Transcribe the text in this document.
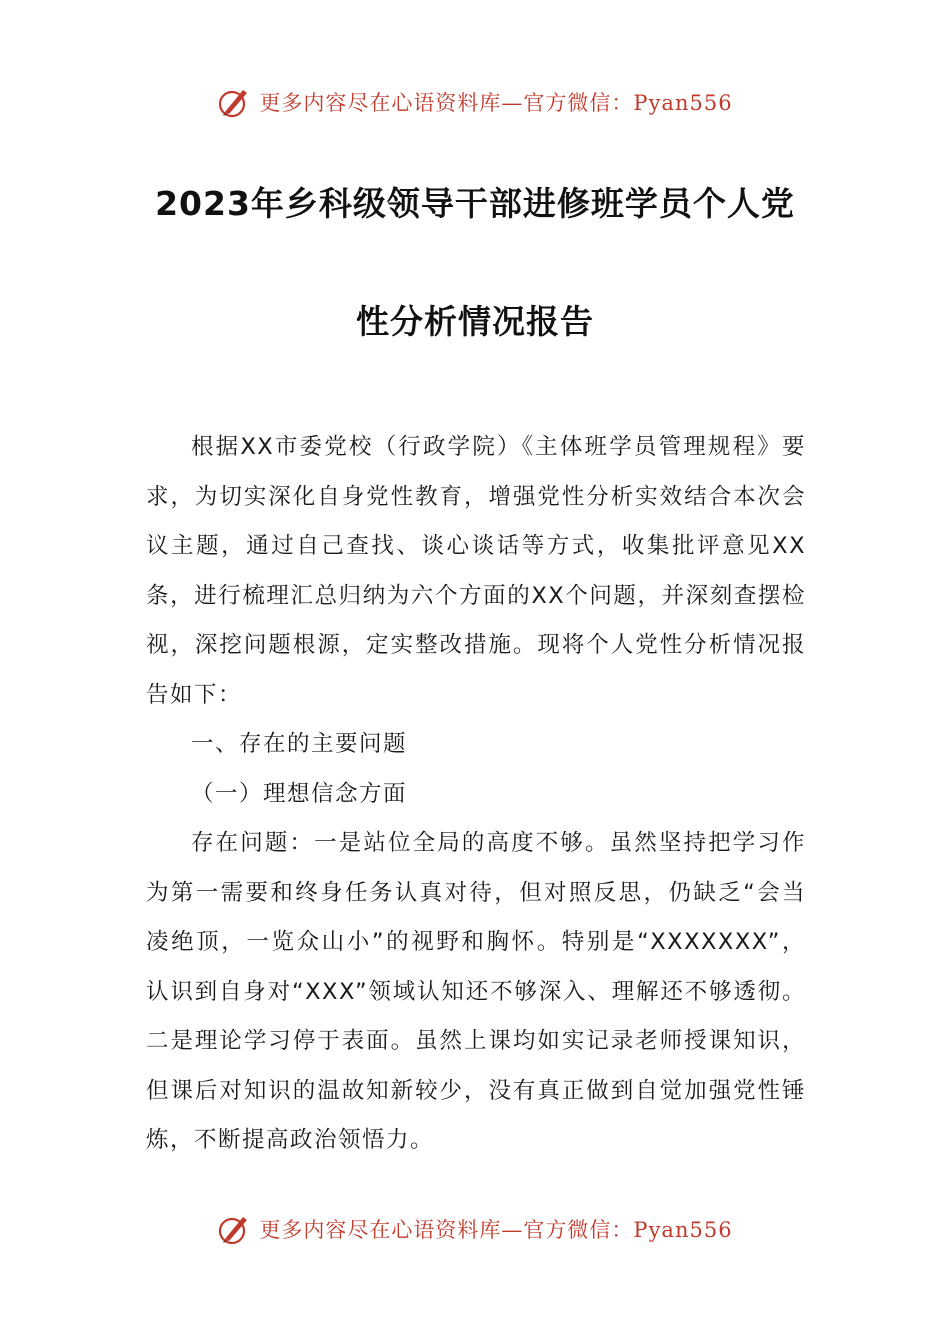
更多内容尽在心语资料库—官方微信：Pyan556
2023年乡科级领导干部进修班学员个人党
性分析情况报告

根据XX市委党校（行政学院）《主体班学员管理规程》要求，为切实深化自身党性教育，增强党性分析实效结合本次会议主题，通过自己查找、谈心谈话等方式，收集批评意见XX条，进行梳理汇总归纳为六个方面的XX个问题，并深刻查摆检视，深挖问题根源，定实整改措施。现将个人党性分析情况报告如下：

一、存在的主要问题

（一）理想信念方面

存在问题：一是站位全局的高度不够。虽然坚持把学习作为第一需要和终身任务认真对待，但对照反思，仍缺乏“会当凌绝顶，一览众山小”的视野和胸怀。特别是“XXXXXXX”，认识到自身对“XXX”领域认知还不够深入、理解还不够透彻。二是理论学习停于表面。虽然上课均如实记录老师授课知识，但课后对知识的温故知新较少，没有真正做到自觉加强党性锤炼，不断提高政治领悟力。

更多内容尽在心语资料库—官方微信：Pyan556
